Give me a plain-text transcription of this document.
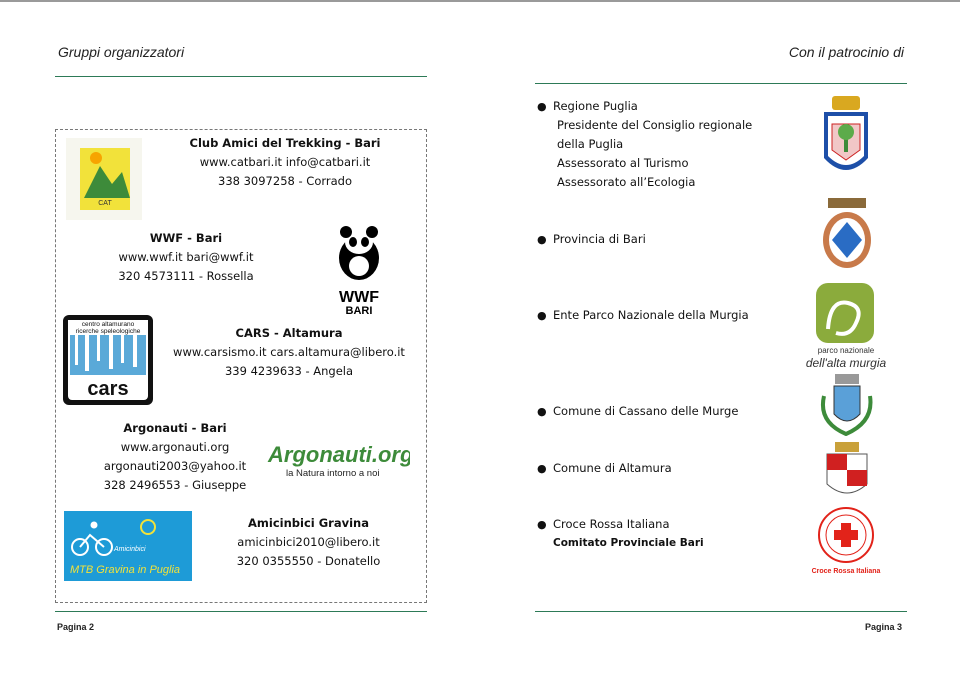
Gruppi organizzatori
CAT
Club Amici del Trekking - Bari
www.catbari.it info@catbari.it
338 3097258 - Corrado
WWF - Bari
www.wwf.it bari@wwf.it
320 4573111 - Rossella
WWF
BARI
centro altamurano
ricerche speleologiche
cars
CARS - Altamura
www.carsismo.it cars.altamura@libero.it
339 4239633 - Angela
Argonauti - Bari
www.argonauti.org
argonauti2003@yahoo.it
328 2496553 - Giuseppe
Argonauti.org
la Natura intorno a noi
Amicinbici
MTB Gravina in Puglia
Amicinbici Gravina
amicinbici2010@libero.it
320 0355550 - Donatello
Pagina 2
Con il patrocinio di
● Regione Puglia
Presidente del Consiglio regionale
della Puglia
Assessorato al Turismo
Assessorato all’Ecologia
● Provincia di Bari
● Ente Parco Nazionale della Murgia
parco nazionale
dell'alta murgia
● Comune di Cassano delle Murge
● Comune di Altamura
● Croce Rossa Italiana
Comitato Provinciale Bari
Croce Rossa Italiana
Pagina 3
